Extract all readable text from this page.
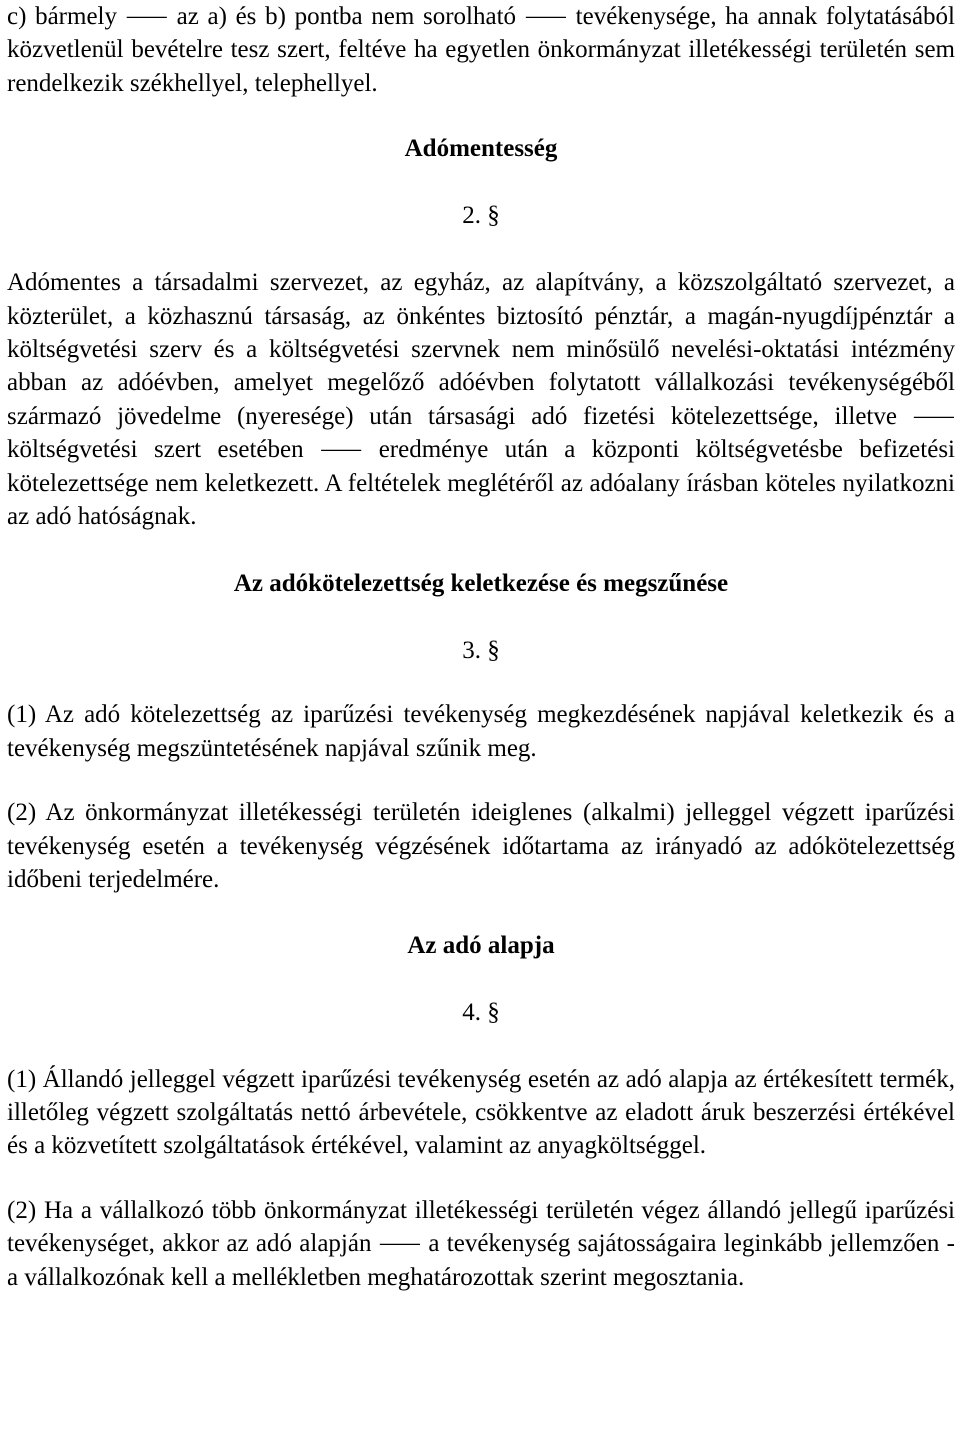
c) bármely ⸺ az a) és b) pontba nem sorolható ⸺ tevékenysége, ha annak folytatásából közvetlenül bevételre tesz szert, feltéve ha egyetlen önkormányzat illetékességi területén sem rendelkezik székhellyel, telephellyel.

Adómentesség

2. §

Adómentes a társadalmi szervezet, az egyház, az alapítvány, a közszolgáltató szervezet, a közterület, a közhasznú társaság, az önkéntes biztosító pénztár, a magán-nyugdíjpénztár a költségvetési szerv és a költségvetési szervnek nem minősülő nevelési-oktatási intézmény abban az adóévben, amelyet megelőző adóévben folytatott vállalkozási tevékenységéből származó jövedelme (nyeresége) után társasági adó fizetési kötelezettsége, illetve ⸺ költségvetési szert esetében ⸺ eredménye után a központi költségvetésbe befizetési kötelezettsége nem keletkezett. A feltételek meglétéről az adóalany írásban köteles nyilatkozni az adó hatóságnak.

Az adókötelezettség keletkezése és megszűnése

3. §

(1) Az adó kötelezettség az iparűzési tevékenység megkezdésének napjával keletkezik és a tevékenység megszüntetésének napjával szűnik meg.

(2) Az önkormányzat illetékességi területén ideiglenes (alkalmi) jelleggel végzett iparűzési tevékenység esetén a tevékenység végzésének időtartama az irányadó az adókötelezettség időbeni terjedelmére.

Az adó alapja

4. §

(1) Állandó jelleggel végzett iparűzési tevékenység esetén az adó alapja az értékesített termék, illetőleg végzett szolgáltatás nettó árbevétele, csökkentve az eladott áruk beszerzési értékével és a közvetített szolgáltatások értékével, valamint az anyagköltséggel.

(2) Ha a vállalkozó több önkormányzat illetékességi területén végez állandó jellegű iparűzési tevékenységet, akkor az adó alapján ⸺ a tevékenység sajátosságaira leginkább jellemzően - a vállalkozónak kell a mellékletben meghatározottak szerint megosztania.
